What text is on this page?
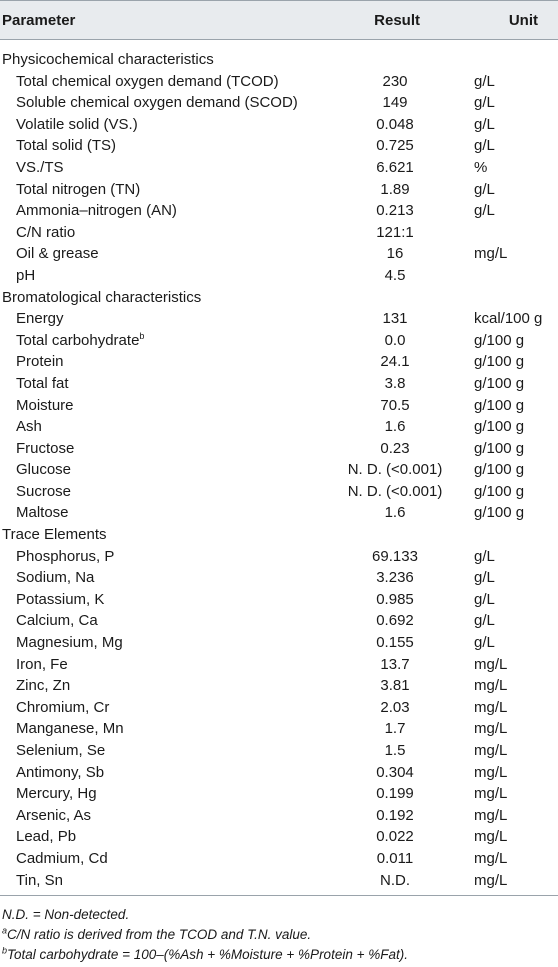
Parameter	Result	Unit
Physicochemical characteristics
Total chemical oxygen demand (TCOD)	230	g/L
Soluble chemical oxygen demand (SCOD)	149	g/L
Volatile solid (VS.)	0.048	g/L
Total solid (TS)	0.725	g/L
VS./TS	6.621	%
Total nitrogen (TN)	1.89	g/L
Ammonia–nitrogen (AN)	0.213	g/L
C/N ratio	121:1
Oil & grease	16	mg/L
pH	4.5
Bromatological characteristics
Energy	131	kcal/100 g
Total carbohydrate$^b$	0.0	g/100 g
Protein	24.1	g/100 g
Total fat	3.8	g/100 g
Moisture	70.5	g/100 g
Ash	1.6	g/100 g
Fructose	0.23	g/100 g
Glucose	N. D. (<0.001)	g/100 g
Sucrose	N. D. (<0.001)	g/100 g
Maltose	1.6	g/100 g
Trace Elements
Phosphorus, P	69.133	g/L
Sodium, Na	3.236	g/L
Potassium, K	0.985	g/L
Calcium, Ca	0.692	g/L
Magnesium, Mg	0.155	g/L
Iron, Fe	13.7	mg/L
Zinc, Zn	3.81	mg/L
Chromium, Cr	2.03	mg/L
Manganese, Mn	1.7	mg/L
Selenium, Se	1.5	mg/L
Antimony, Sb	0.304	mg/L
Mercury, Hg	0.199	mg/L
Arsenic, As	0.192	mg/L
Lead, Pb	0.022	mg/L
Cadmium, Cd	0.011	mg/L
Tin, Sn	N.D.	mg/L
N.D. = Non-detected.
$^a$C/N ratio is derived from the TCOD and T.N. value.
$^b$Total carbohydrate = 100–(%Ash + %Moisture + %Protein + %Fat).
